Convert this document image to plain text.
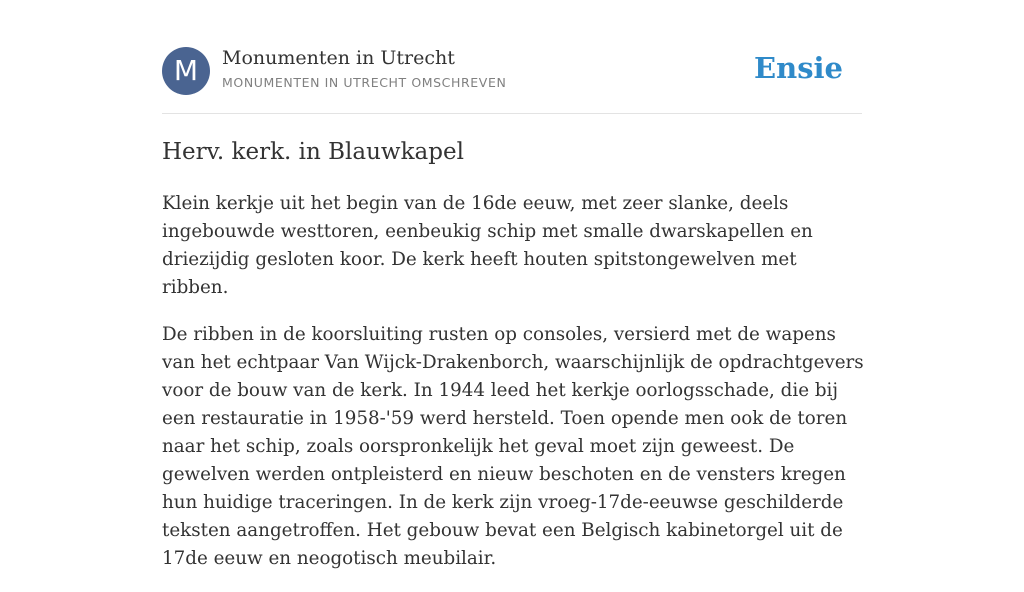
M	Monumenten in Utrecht
MONUMENTEN IN UTRECHT OMSCHREVEN	Ensie
Herv. kerk. in Blauwkapel

Klein kerkje uit het begin van de 16de eeuw, met zeer slanke, deels ingebouwde westtoren, eenbeukig schip met smalle dwarskapellen en driezijdig gesloten koor. De kerk heeft houten spitstongewelven met ribben.

De ribben in de koorsluiting rusten op consoles, versierd met de wapens van het echtpaar Van Wijck-Drakenborch, waarschijnlijk de opdrachtgevers voor de bouw van de kerk. In 1944 leed het kerkje oorlogsschade, die bij een restauratie in 1958-'59 werd hersteld. Toen opende men ook de toren naar het schip, zoals oorspronkelijk het geval moet zijn geweest. De gewelven werden ontpleisterd en nieuw beschoten en de vensters kregen hun huidige traceringen. In de kerk zijn vroeg-17de-eeuwse geschilderde teksten aangetroffen. Het gebouw bevat een Belgisch kabinetorgel uit de 17de eeuw en neogotisch meubilair.
